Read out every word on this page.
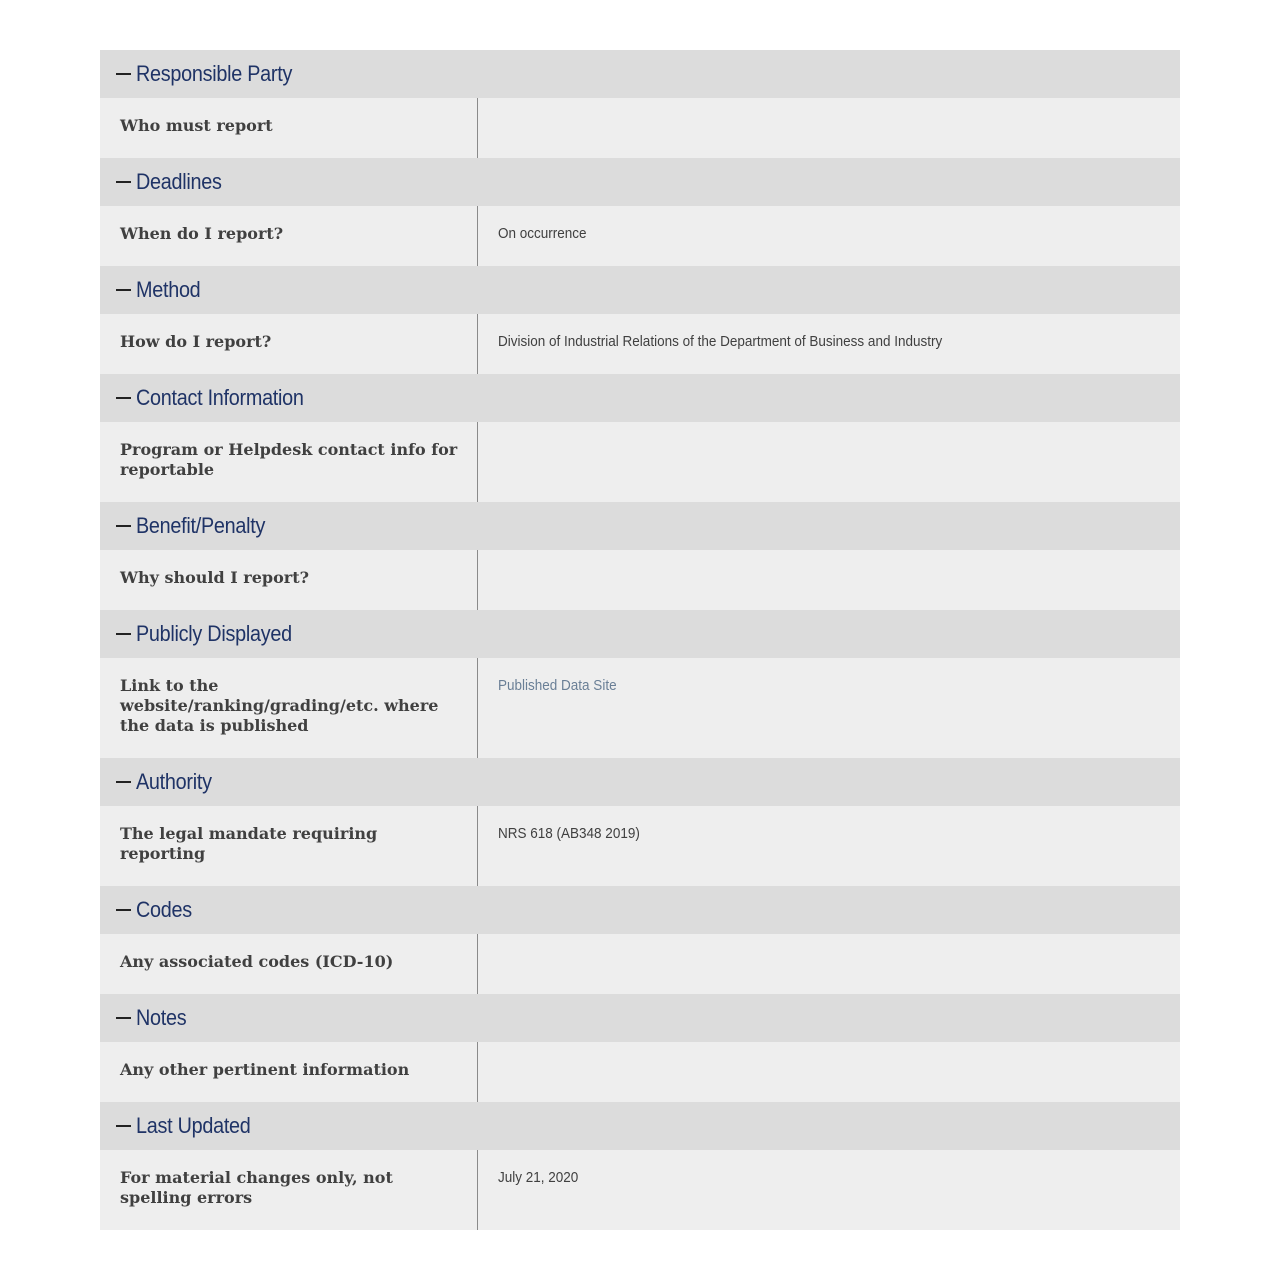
Responsible Party
Who must report
Deadlines
When do I report?	On occurrence
Method
How do I report?	Division of Industrial Relations of the Department of Business and Industry
Contact Information
Program or Helpdesk contact info for reportable
Benefit/Penalty
Why should I report?
Publicly Displayed
Link to the website/ranking/grading/etc. where the data is published
Published Data Site
Authority
The legal mandate requiring reporting
NRS 618 (AB348 2019)
Codes
Any associated codes (ICD-10)
Notes
Any other pertinent information
Last Updated
For material changes only, not spelling errors
July 21, 2020
